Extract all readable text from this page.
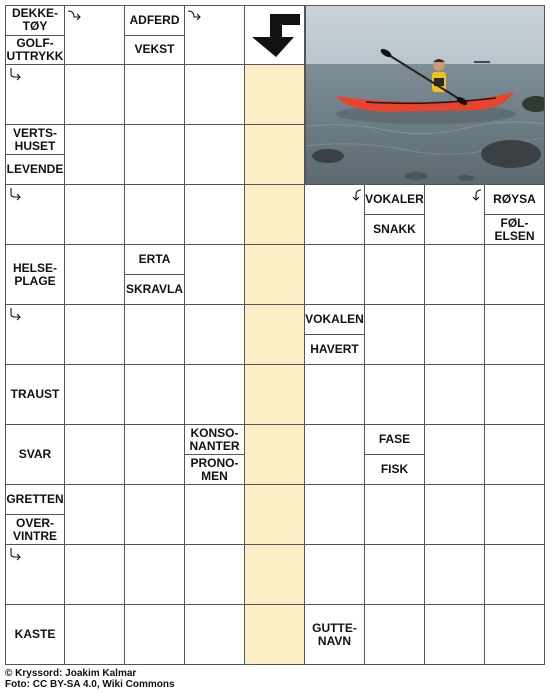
DEKKE-
TØY
GOLF-
UTTRYKK
ADFERD
VEKST
VERTS-
HUSET
LEVENDE
VOKALER
SNAKK
RØYSA
FØL-
ELSEN
HELSE-
PLAGE
ERTA
SKRAVLA
VOKALEN
HAVERT
TRAUST
SVAR
KONSO-
NANTER
PRONO-
MEN
FASE
FISK
GRETTEN
OVER-
VINTRE
KASTE	GUTTE-
NAVN
© Kryssord: Joakim Kalmar
Foto: CC BY-SA 4.0, Wiki Commons
